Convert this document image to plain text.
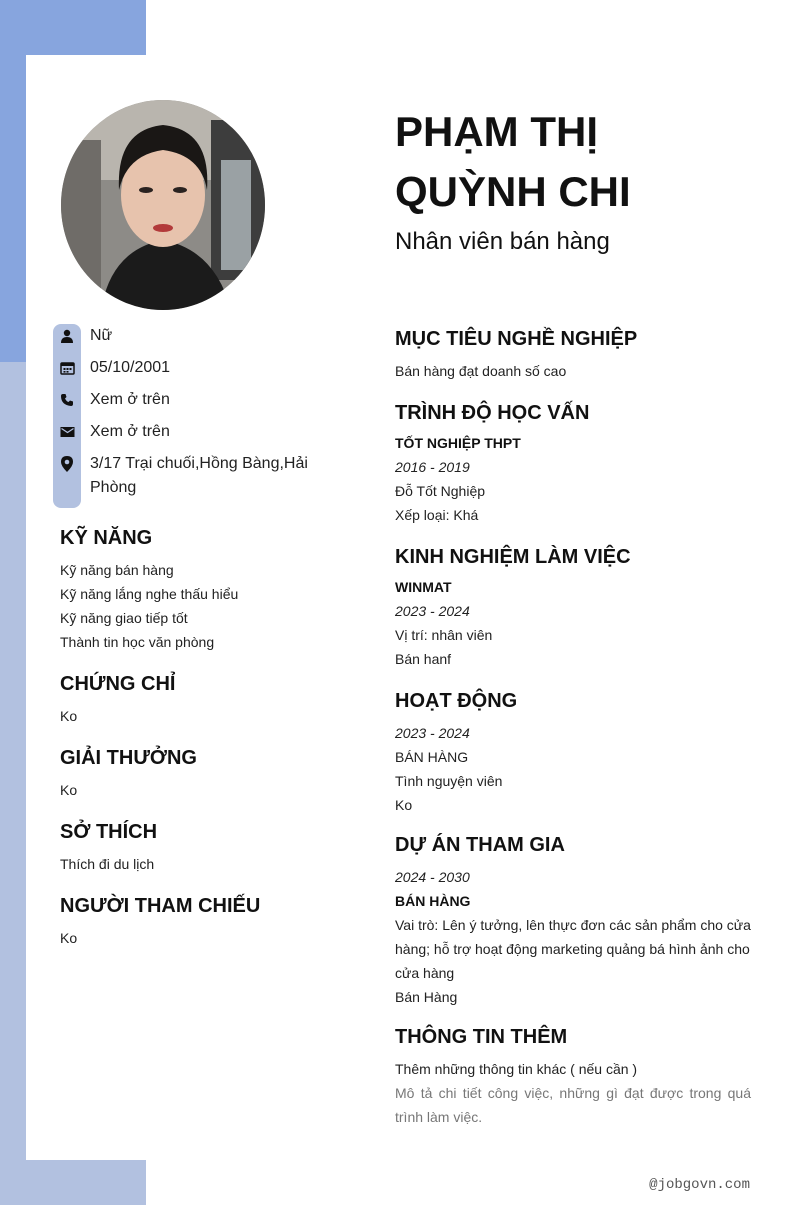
PHẠM THỊ QUỲNH CHI
Nhân viên bán hàng
Nữ
05/10/2001
Xem ở trên
Xem ở trên
3/17 Trại chuối,Hồng Bàng,Hải Phòng
KỸ NĂNG
Kỹ năng bán hàng
Kỹ năng lắng nghe thấu hiểu
Kỹ năng giao tiếp tốt
Thành tin học văn phòng
CHỨNG CHỈ
Ko
GIẢI THƯỞNG
Ko
SỞ THÍCH
Thích đi du lịch
NGƯỜI THAM CHIẾU
Ko
MỤC TIÊU NGHỀ NGHIỆP
Bán hàng đạt doanh số cao
TRÌNH ĐỘ HỌC VẤN
TỐT NGHIỆP THPT
2016 - 2019
Đỗ Tốt Nghiệp
Xếp loại: Khá
KINH NGHIỆM LÀM VIỆC
WINMAT
2023 - 2024
Vị trí: nhân viên
Bán hanf
HOẠT ĐỘNG
2023 - 2024
BÁN HÀNG
Tình nguyện viên
Ko
DỰ ÁN THAM GIA
2024 - 2030
BÁN HÀNG
Vai trò: Lên ý tưởng, lên thực đơn các sản phẩm cho cửa hàng; hỗ trợ hoạt động marketing quảng bá hình ảnh cho cửa hàng
Bán Hàng
THÔNG TIN THÊM
Thêm những thông tin khác ( nếu cần )
Mô tả chi tiết công việc, những gì đạt được trong quá trình làm việc.
@jobgovn.com
